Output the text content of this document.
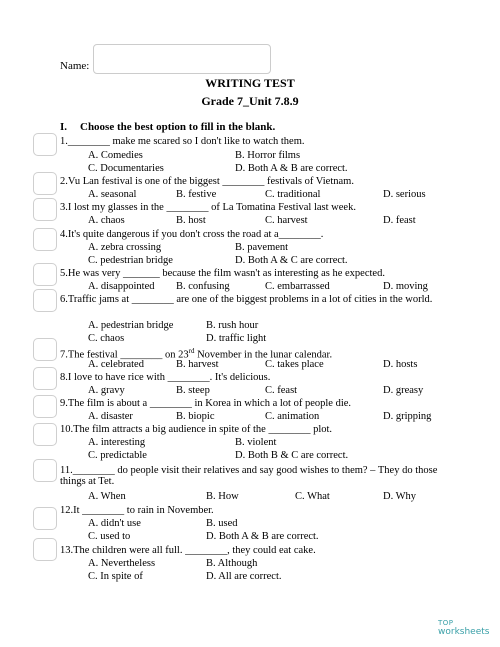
Name:
WRITING TEST
Grade 7_Unit 7.8.9
I. Choose the best option to fill in the blank.
1.________ make me scared so I don't like to watch them.
A. Comedies	B. Horror films
C. Documentaries	D. Both A & B are correct.
2.Vu Lan festival is one of the biggest ________ festivals of Vietnam.
A. seasonal	B. festive	C. traditional	D. serious
3.I lost my glasses in the ________ of La Tomatina Festival last week.
A. chaos	B. host	C. harvest	D. feast
4.It's quite dangerous if you don't cross the road at a________.
A. zebra crossing	B. pavement
C. pedestrian bridge	D. Both A & C are correct.
5.He was very _______ because the film wasn't as interesting as he expected.
A. disappointed B. confusing	C. embarrassed	D. moving
6.Traffic jams at ________ are one of the biggest problems in a lot of cities in the world.
A. pedestrian bridge	B. rush hour
C. chaos	D. traffic light
7.The festival ________ on 23rd November in the lunar calendar.
A. celebrated	B. harvest	C. takes place	D. hosts
8.I love to have rice with ________. It's delicious.
A. gravy	B. steep	C. feast	D. greasy
9.The film is about a ________ in Korea in which a lot of people die.
A. disaster	B. biopic	C. animation	D. gripping
10.The film attracts a big audience in spite of the ________ plot.
A. interesting	B. violent
C. predictable	D. Both B & C are correct.
11.________ do people visit their relatives and say good wishes to them? – They do those things at Tet.
A. When	B. How	C. What	D. Why
12.It ________ to rain in November.
A. didn't use	B. used
C. used to	D. Both A & B are correct.
13.The children were all full. ________, they could eat cake.
A. Nevertheless	B. Although
C. In spite of	D. All are correct.
TOP
worksheets
